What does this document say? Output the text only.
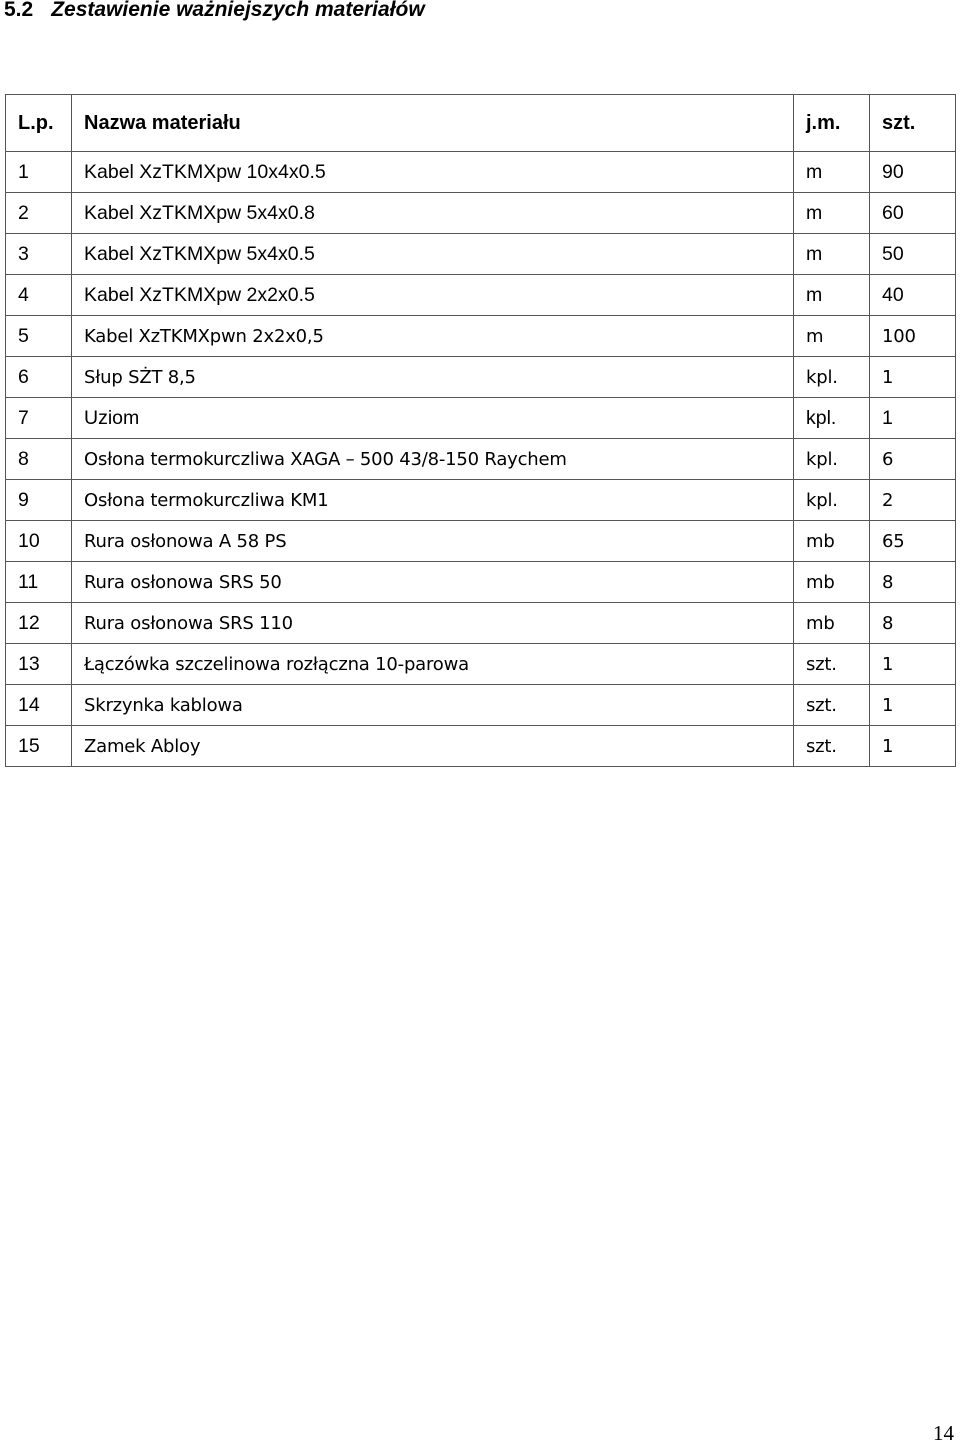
5.2 Zestawienie ważniejszych materiałów
L.p.	Nazwa materiału	j.m.	szt.
1	Kabel XzTKMXpw 10x4x0.5	m	90
2	Kabel XzTKMXpw 5x4x0.8	m	60
3	Kabel XzTKMXpw 5x4x0.5	m	50
4	Kabel XzTKMXpw 2x2x0.5	m	40
5	Kabel XzTKMXpwn 2x2x0,5	m	100
6	Słup SŻT 8,5	kpl.	1
7	Uziom	kpl.	1
8	Osłona termokurczliwa XAGA – 500 43/8-150 Raychem	kpl.	6
9	Osłona termokurczliwa KM1	kpl.	2
10	Rura osłonowa A 58 PS	mb	65
11	Rura osłonowa SRS 50	mb	8
12	Rura osłonowa SRS 110	mb	8
13	Łączówka szczelinowa rozłączna 10-parowa	szt.	1
14	Skrzynka kablowa	szt.	1
15	Zamek Abloy	szt.	1
14
